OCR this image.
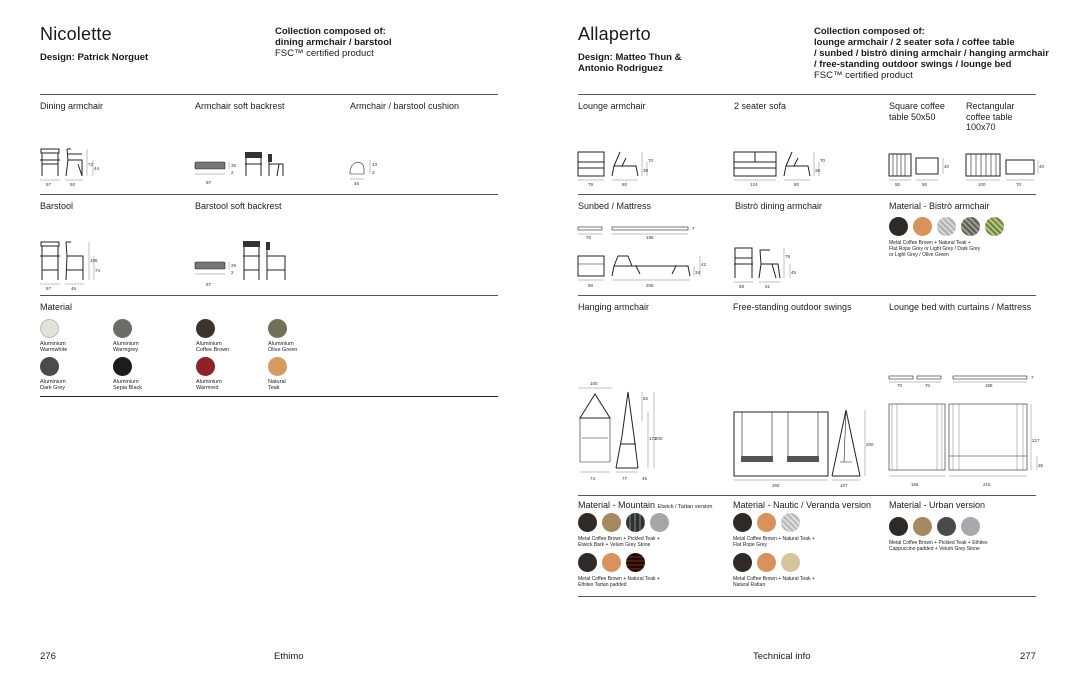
Nicolette
Design: Patrick Norguet
Collection composed of:
dining armchair / barstool
FSC™ certified product
Dining armchair	Armchair soft backrest	Armchair / barstool cushion
57	50
72
44
87
35
2
46
43
3
Barstool	Barstool soft backrest
57	46
106
74
87
29
2
Material
Aluminium
Warmwhite
Aluminium
Warmgrey
Aluminium
Coffee Brown
Aluminium
Olive Green
Aluminium
Dark Grey
Aluminium
Sepia Black
Aluminium
Warmred
Natural
Teak
276	Ethimo
Allaperto
Design: Matteo Thun &
Antonio Rodriguez
Collection composed of:
lounge armchair / 2 seater sofa / coffee table
/ sunbed / bistrò dining armchair / hanging armchair
/ free-standing outdoor swings / lounge bed
FSC™ certified product
Lounge armchair	2 seater sofa	Square coffee
table 50x50
Rectangular
coffee table
100x70
79	80
70
38
124	80
70
38
50	50
40
100	70
40
Sunbed / Mattress	Bistrò dining armchair	Material - Bistrò armchair
70	188
7
90	205
34
42
58	61
79
45
Metal Coffee Brown + Natural Teak +
Flat Rope Grey or Light Grey / Dark Grey
or Light Grey / Olive Green
Hanging armchair	Free-standing outdoor swings	Lounge bed with curtains / Mattress
100
82
172
200
74	77	45
260	107
200
70	70	188
7
155	215
217
35
Material - Mountain Etwick / Tartan version
Metal Coffee Brown + Pickled Teak +
Etwick Bark + Velum Grey Stone
Metal Coffee Brown + Natural Teak +
Ethitex Tartan padded
Material - Nautic / Veranda version
Metal Coffee Brown + Natural Teak +
Flat Rope Grey
Metal Coffee Brown + Natural Teak +
Natural Rattan
Material - Urban version
Metal Coffee Brown + Pickled Teak + Ethitex
Cappuccino padded + Velum Grey Stone
Technical info	277
